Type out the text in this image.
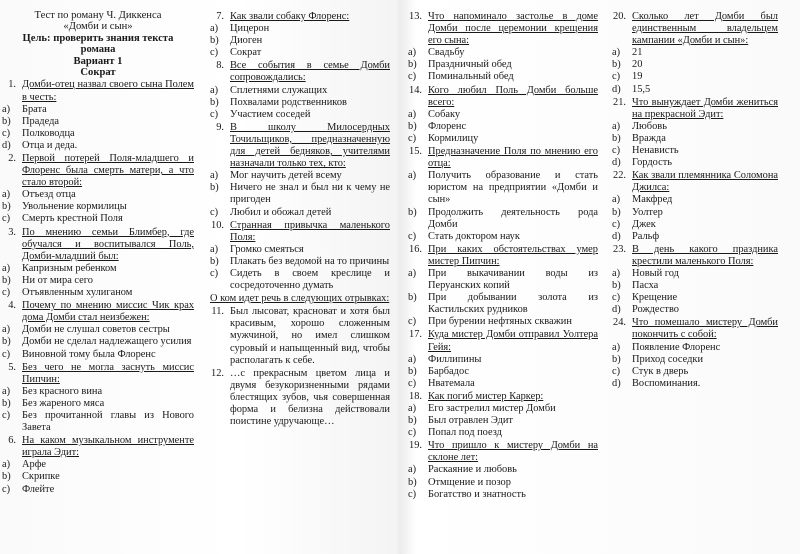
Тест по роману Ч. Диккенса
«Домби и сын»
Цель: проверить знания текста
романа
Вариант 1
Сократ
1. Домби-отец назвал своего сына Полем в честь:
a)	Брата
b)	Прадеда
c)	Полководца
d)	Отца и деда.
2. Первой потерей Поля-младшего и Флоренс была смерть матери, а что стало второй:
a)	Отъезд отца
b)	Увольнение кормилицы
c)	Смерть крестной Поля
3. По мнению семьи Блимбер, где обучался и воспитывался Поль, Домби-младший был:
a)	Капризным ребенком
b)	Ни от мира сего
c)	Отъявленным хулиганом
4. Почему по мнению миссис Чик крах дома Домби стал неизбежен:
a)	Домби не слушал советов сестры
b)	Домби не сделал надлежащего усилия
c)	Виновной тому была Флоренс
5. Без чего не могла заснуть миссис Пипчин:
a)	Без красного вина
b)	Без жареного мяса
c)	Без прочитанной главы из Нового Завета
6. На каком музыкальном инструменте играла Эдит:
a)	Арфе
b)	Скрипке
c)	Флейте
7. Как звали собаку Флоренс:
a)	Цицерон
b)	Диоген
c)	Сократ
8. Все события в семье Домби сопровождались:
a)	Сплетнями служащих
b)	Похвалами родственников
c)	Участием соседей
9. В школу Милосердных Точильщиков, предназначенную для детей бедняков, учителями назначали только тех, кто:
a)	Мог научить детей всему
b)	Ничего не знал и был ни к чему не пригоден
c)	Любил и обожал детей
10. Странная привычка маленького Поля:
a)	Громко смеяться
b)	Плакать без ведомой на то причины
c)	Сидеть в своем креслице и сосредоточенно думать
О ком идет речь в следующих отрывках:
11. Был лысоват, красноват и хотя был красивым, хорошо сложенным мужчиной, но имел слишком суровый и напыщенный вид, чтобы располагать к себе.
12. …с прекрасным цветом лица и двумя безукоризненными рядами блестящих зубов, чья совершенная форма и белизна действовали поистине удручающе…
13. Что напоминало застолье в доме Домби после церемонии крещения его сына:
a)	Свадьбу
b)	Праздничный обед
c)	Поминальный обед
14. Кого любил Поль Домби больше всего:
a)	Собаку
b)	Флоренс
c)	Кормилицу
15. Предназначение Поля по мнению его отца:
a)	Получить образование и стать юристом на предприятии «Домби и сын»
b)	Продолжить деятельность рода Домби
c)	Стать доктором наук
16. При каких обстоятельствах умер мистер Пипчин:
a)	При выкачивании воды из Перуанских копий
b)	При добывании золота из Кастильских рудников
c)	При бурении нефтяных скважин
17. Куда мистер Домби отправил Уолтера Гейя:
a)	Филлипины
b)	Барбадос
c)	Нватемала
18. Как погиб мистер Каркер:
a)	Его застрелил мистер Домби
b)	Был отравлен Эдит
c)	Попал под поезд
19. Что пришло к мистеру Домби на склоне лет:
a)	Раскаяние и любовь
b)	Отмщение и позор
c)	Богатство и знатность
20. Сколько лет Домби был единственным владельцем кампании «Домби и сын»:
a)	21
b)	20
c)	19
d)	15,5
21. Что вынуждает Домби жениться на прекрасной Эдит:
a)	Любовь
b)	Вражда
c)	Ненависть
d)	Гордость
22. Как звали племянника Соломона Джилса:
a)	Макфред
b)	Уолтер
c)	Джек
d)	Ральф
23. В день какого праздника крестили маленького Поля:
a)	Новый год
b)	Пасха
c)	Крещение
d)	Рождество
24. Что помешало мистеру Домби покончить с собой:
a)	Появление Флоренс
b)	Приход соседки
c)	Стук в дверь
d)	Воспоминания.
